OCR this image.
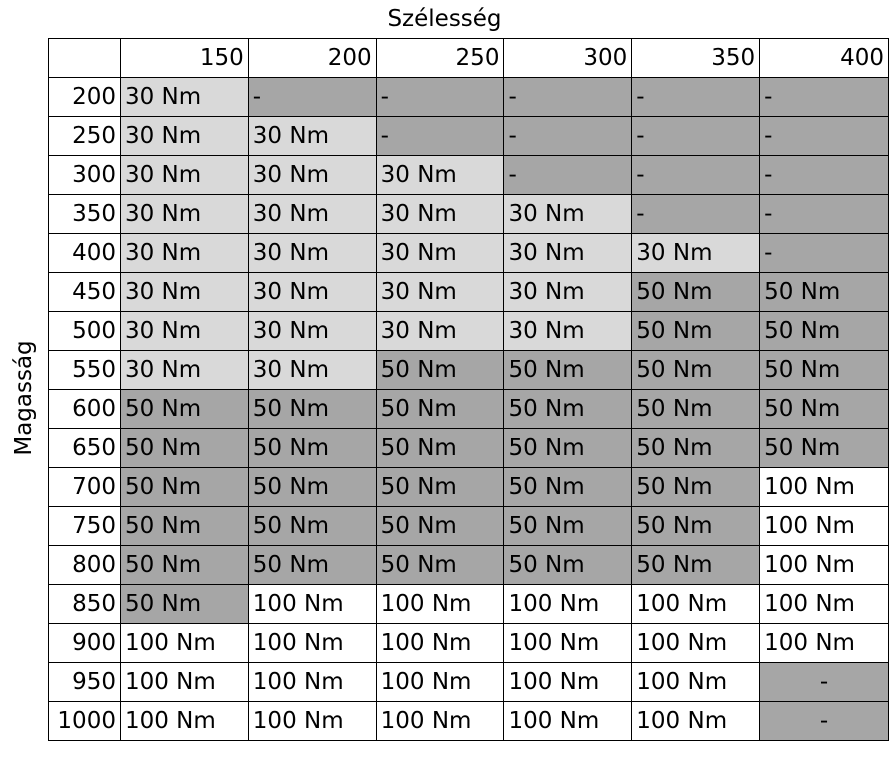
Szélesség
Magasság
	150	200	250	300	350	400
200	30 Nm	-	-	-	-	-
250	30 Nm	30 Nm	-	-	-	-
300	30 Nm	30 Nm	30 Nm	-	-	-
350	30 Nm	30 Nm	30 Nm	30 Nm	-	-
400	30 Nm	30 Nm	30 Nm	30 Nm	30 Nm	-
450	30 Nm	30 Nm	30 Nm	30 Nm	50 Nm	50 Nm
500	30 Nm	30 Nm	30 Nm	30 Nm	50 Nm	50 Nm
550	30 Nm	30 Nm	50 Nm	50 Nm	50 Nm	50 Nm
600	50 Nm	50 Nm	50 Nm	50 Nm	50 Nm	50 Nm
650	50 Nm	50 Nm	50 Nm	50 Nm	50 Nm	50 Nm
700	50 Nm	50 Nm	50 Nm	50 Nm	50 Nm	100 Nm
750	50 Nm	50 Nm	50 Nm	50 Nm	50 Nm	100 Nm
800	50 Nm	50 Nm	50 Nm	50 Nm	50 Nm	100 Nm
850	50 Nm	100 Nm	100 Nm	100 Nm	100 Nm	100 Nm
900	100 Nm	100 Nm	100 Nm	100 Nm	100 Nm	100 Nm
950	100 Nm	100 Nm	100 Nm	100 Nm	100 Nm	-
1000	100 Nm	100 Nm	100 Nm	100 Nm	100 Nm	-
